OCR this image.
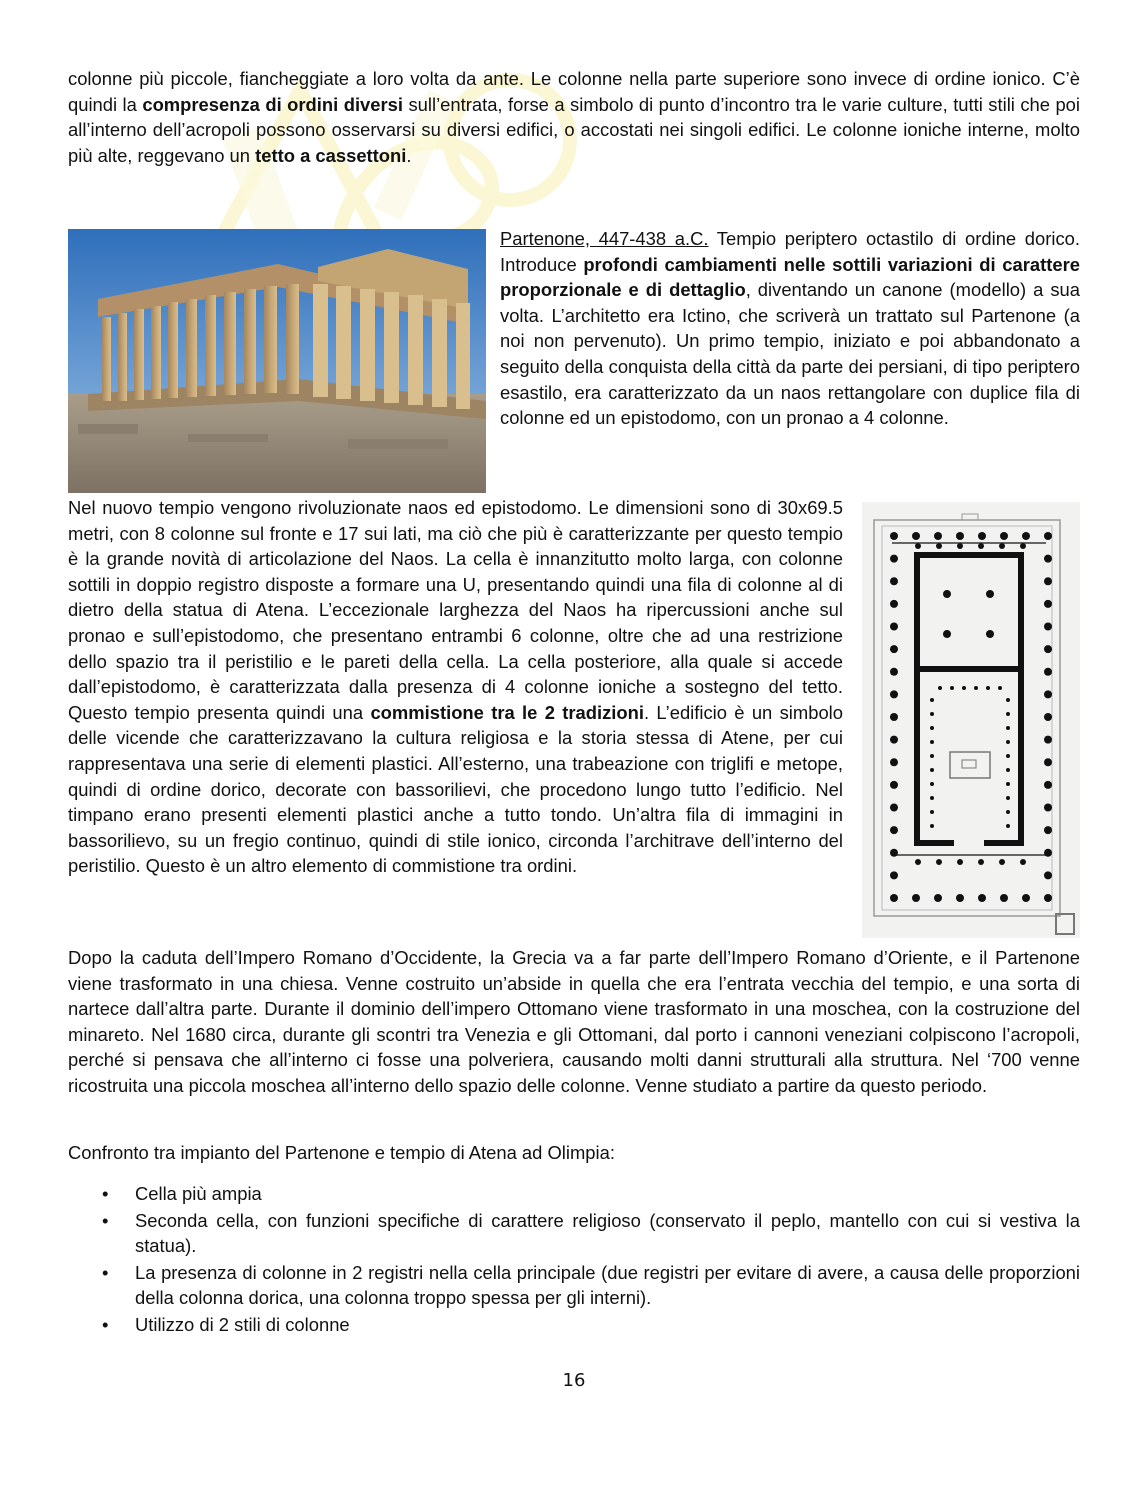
colonne più piccole, fiancheggiate a loro volta da ante. Le colonne nella parte superiore sono invece di ordine ionico. C’è quindi la compresenza di ordini diversi sull’entrata, forse a simbolo di punto d’incontro tra le varie culture, tutti stili che poi all’interno dell’acropoli possono osservarsi su diversi edifici, o accostati nei singoli edifici. Le colonne ioniche interne, molto più alte, reggevano un tetto a cassettoni.

Partenone, 447-438 a.C. Tempio periptero octastilo di ordine dorico. Introduce profondi cambiamenti nelle sottili variazioni di carattere proporzionale e di dettaglio, diventando un canone (modello) a sua volta. L’architetto era Ictino, che scriverà un trattato sul Partenone (a noi non pervenuto). Un primo tempio, iniziato e poi abbandonato a seguito della conquista della città da parte dei persiani, di tipo periptero esastilo, era caratterizzato da un naos rettangolare con duplice fila di colonne ed un epistodomo, con un pronao a 4 colonne.

Nel nuovo tempio vengono rivoluzionate naos ed epistodomo. Le dimensioni sono di 30x69.5 metri, con 8 colonne sul fronte e 17 sui lati, ma ciò che più è caratterizzante per questo tempio è la grande novità di articolazione del Naos. La cella è innanzitutto molto larga, con colonne sottili in doppio registro disposte a formare una U, presentando quindi una fila di colonne al di dietro della statua di Atena. L’eccezionale larghezza del Naos ha ripercussioni anche sul pronao e sull’epistodomo, che presentano entrambi 6 colonne, oltre che ad una restrizione dello spazio tra il peristilio e le pareti della cella. La cella posteriore, alla quale si accede dall’epistodomo, è caratterizzata dalla presenza di 4 colonne ioniche a sostegno del tetto. Questo tempio presenta quindi una commistione tra le 2 tradizioni. L’edificio è un simbolo delle vicende che caratterizzavano la cultura religiosa e la storia stessa di Atene, per cui rappresentava una serie di elementi plastici. All’esterno, una trabeazione con triglifi e metope, quindi di ordine dorico, decorate con bassorilievi, che procedono lungo tutto l’edificio. Nel timpano erano presenti elementi plastici anche a tutto tondo. Un’altra fila di immagini in bassorilievo, su un fregio continuo, quindi di stile ionico, circonda l’architrave dell’interno del peristilio. Questo è un altro elemento di commistione tra ordini.

Dopo la caduta dell’Impero Romano d’Occidente, la Grecia va a far parte dell’Impero Romano d’Oriente, e il Partenone viene trasformato in una chiesa. Venne costruito un’abside in quella che era l’entrata vecchia del tempio, e una sorta di nartece dall’altra parte. Durante il dominio dell’impero Ottomano viene trasformato in una moschea, con la costruzione del minareto. Nel 1680 circa, durante gli scontri tra Venezia e gli Ottomani, dal porto i cannoni veneziani colpiscono l’acropoli, perché si pensava che all’interno ci fosse una polveriera, causando molti danni strutturali alla struttura. Nel ‘700 venne ricostruita una piccola moschea all’interno dello spazio delle colonne. Venne studiato a partire da questo periodo.

Confronto tra impianto del Partenone e tempio di Atena ad Olimpia:

• Cella più ampia
• Seconda cella, con funzioni specifiche di carattere religioso (conservato il peplo, mantello con cui si vestiva la statua).
• La presenza di colonne in 2 registri nella cella principale (due registri per evitare di avere, a causa delle proporzioni della colonna dorica, una colonna troppo spessa per gli interni).
• Utilizzo di 2 stili di colonne
16
